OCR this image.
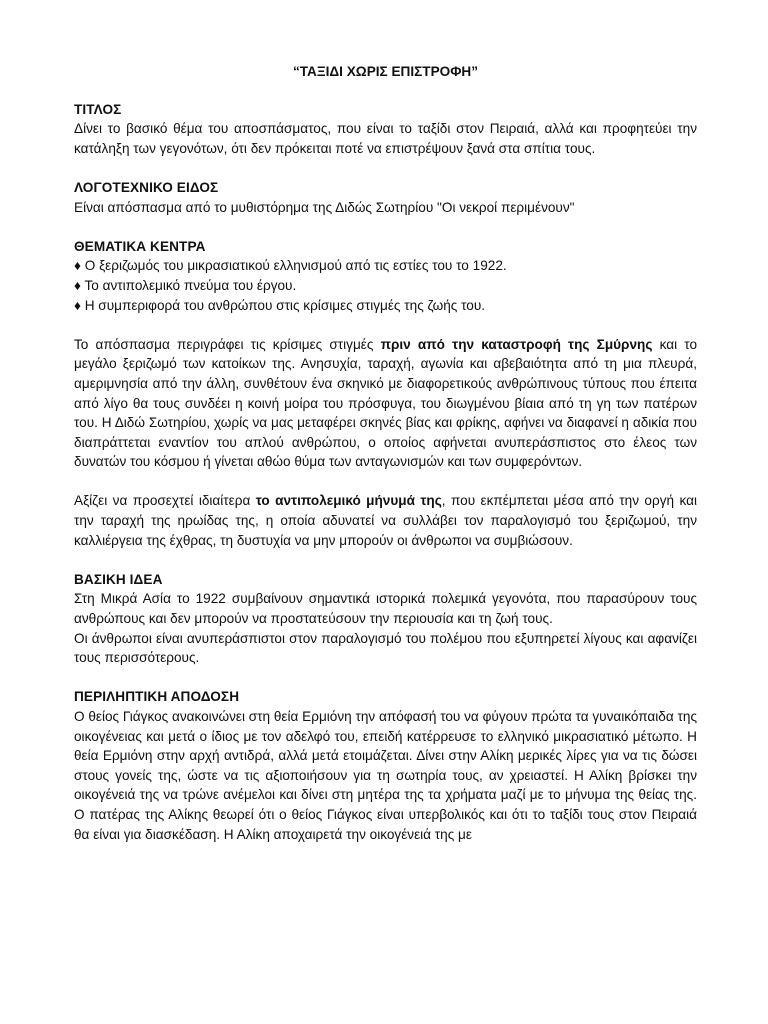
“ΤΑΞΙΔΙ ΧΩΡΙΣ ΕΠΙΣΤΡΟΦΗ”

ΤΙΤΛΟΣ

Δίνει το βασικό θέμα του αποσπάσματος, που είναι το ταξίδι στον Πειραιά, αλλά και προφητεύει την κατάληξη των γεγονότων, ότι δεν πρόκειται ποτέ να επιστρέψουν ξανά στα σπίτια τους.

ΛΟΓΟΤΕΧΝΙΚΟ ΕΙΔΟΣ

Είναι απόσπασμα από το μυθιστόρημα της Διδώς Σωτηρίου "Οι νεκροί περιμένουν"

ΘΕΜΑΤΙΚΑ ΚΕΝΤΡΑ

♦ Ο ξεριζωμός του μικρασιατικού ελληνισμού από τις εστίες του το 1922.

♦ Το αντιπολεμικό πνεύμα του έργου.

♦ Η συμπεριφορά του ανθρώπου στις κρίσιμες στιγμές της ζωής του.

Το απόσπασμα περιγράφει τις κρίσιμες στιγμές πριν από την καταστροφή της Σμύρνης και το μεγάλο ξεριζωμό των κατοίκων της. Ανησυχία, ταραχή, αγωνία και αβεβαιότητα από τη μια πλευρά, αμεριμνησία από την άλλη, συνθέτουν ένα σκηνικό με διαφορετικούς ανθρώπινους τύπους που έπειτα από λίγο θα τους συνδέει η κοινή μοίρα του πρόσφυγα, του διωγμένου βίαια από τη γη των πατέρων του. Η Διδώ Σωτηρίου, χωρίς να μας μεταφέρει σκηνές βίας και φρίκης, αφήνει να διαφανεί η αδικία που διαπράττεται εναντίον του απλού ανθρώπου, ο οποίος αφήνεται ανυπεράσπιστος στο έλεος των δυνατών του κόσμου ή γίνεται αθώο θύμα των ανταγωνισμών και των συμφερόντων.

Αξίζει να προσεχτεί ιδιαίτερα το αντιπολεμικό μήνυμά της, που εκπέμπεται μέσα από την οργή και την ταραχή της ηρωίδας της, η οποία αδυνατεί να συλλάβει τον παραλογισμό του ξεριζωμού, την καλλιέργεια της έχθρας, τη δυστυχία να μην μπορούν οι άνθρωποι να συμβιώσουν.

ΒΑΣΙΚΗ ΙΔΕΑ

Στη Μικρά Ασία το 1922 συμβαίνουν σημαντικά ιστορικά πολεμικά γεγονότα, που παρασύρουν τους ανθρώπους και δεν μπορούν να προστατεύσουν την περιουσία και τη ζωή τους.

Οι άνθρωποι είναι ανυπεράσπιστοι στον παραλογισμό του πολέμου που εξυπηρετεί λίγους και αφανίζει τους περισσότερους.

ΠΕΡΙΛΗΠΤΙΚΗ ΑΠΟΔΟΣΗ

Ο θείος Γιάγκος ανακοινώνει στη θεία Ερμιόνη την απόφασή του να φύγουν πρώτα τα γυναικόπαιδα της οικογένειας και μετά ο ίδιος με τον αδελφό του, επειδή κατέρρευσε το ελληνικό μικρασιατικό μέτωπο. Η θεία Ερμιόνη στην αρχή αντιδρά, αλλά μετά ετοιμάζεται. Δίνει στην Αλίκη μερικές λίρες για να τις δώσει στους γονείς της, ώστε να τις αξιοποιήσουν για τη σωτηρία τους, αν χρειαστεί. Η Αλίκη βρίσκει την οικογένειά της να τρώνε ανέμελοι και δίνει στη μητέρα της τα χρήματα μαζί με το μήνυμα της θείας της. Ο πατέρας της Αλίκης θεωρεί ότι ο θείος Γιάγκος είναι υπερβολικός και ότι το ταξίδι τους στον Πειραιά θα είναι για διασκέδαση. Η Αλίκη αποχαιρετά την οικογένειά της με
